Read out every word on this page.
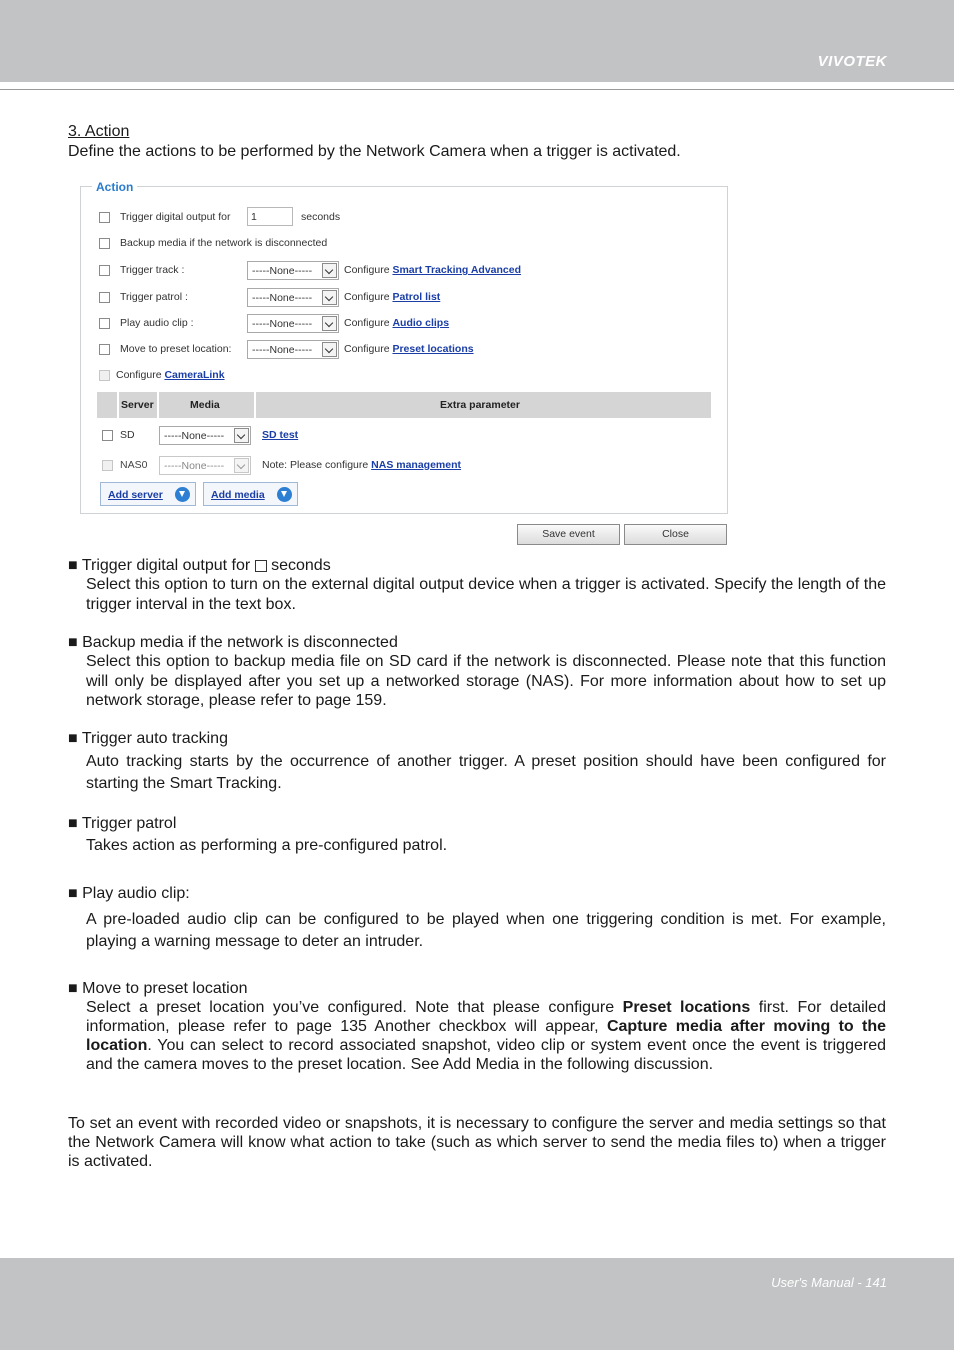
VIVOTEK
3. Action
Define the actions to be performed by the Network Camera when a trigger is activated.
Action
Trigger digital output for	1	seconds
Backup media if the network is disconnected
Trigger track :	-----None-----	Configure Smart Tracking Advanced
Trigger patrol :	-----None-----	Configure Patrol list
Play audio clip :	-----None-----	Configure Audio clips
Move to preset location: -----None-----	Configure Preset locations
Configure CameraLink
Server	Media	Extra parameter
SD	-----None-----	SD test
NAS0 -----None-----	Note: Please configure NAS management
Add server	Add media
Save event	Close
■ Trigger digital output for seconds
Select this option to turn on the external digital output device when a trigger is activated. Specify the length of the trigger interval in the text box.
■ Backup media if the network is disconnected
Select this option to backup media file on SD card if the network is disconnected. Please note that this function will only be displayed after you set up a networked storage (NAS). For more information about how to set up network storage, please refer to page 159.
■ Trigger auto tracking
Auto tracking starts by the occurrence of another trigger. A preset position should have been configured for starting the Smart Tracking.
■ Trigger patrol
Takes action as performing a pre-configured patrol.
■ Play audio clip:
A pre-loaded audio clip can be configured to be played when one triggering condition is met. For example, playing a warning message to deter an intruder.
■ Move to preset location
Select a preset location you’ve configured. Note that please configure Preset locations first. For detailed information, please refer to page 135 Another checkbox will appear, Capture media after moving to the location. You can select to record associated snapshot, video clip or system event once the event is triggered and the camera moves to the preset location. See Add Media in the following discussion.
To set an event with recorded video or snapshots, it is necessary to configure the server and media settings so that the Network Camera will know what action to take (such as which server to send the media files to) when a trigger is activated.
User's Manual - 141
